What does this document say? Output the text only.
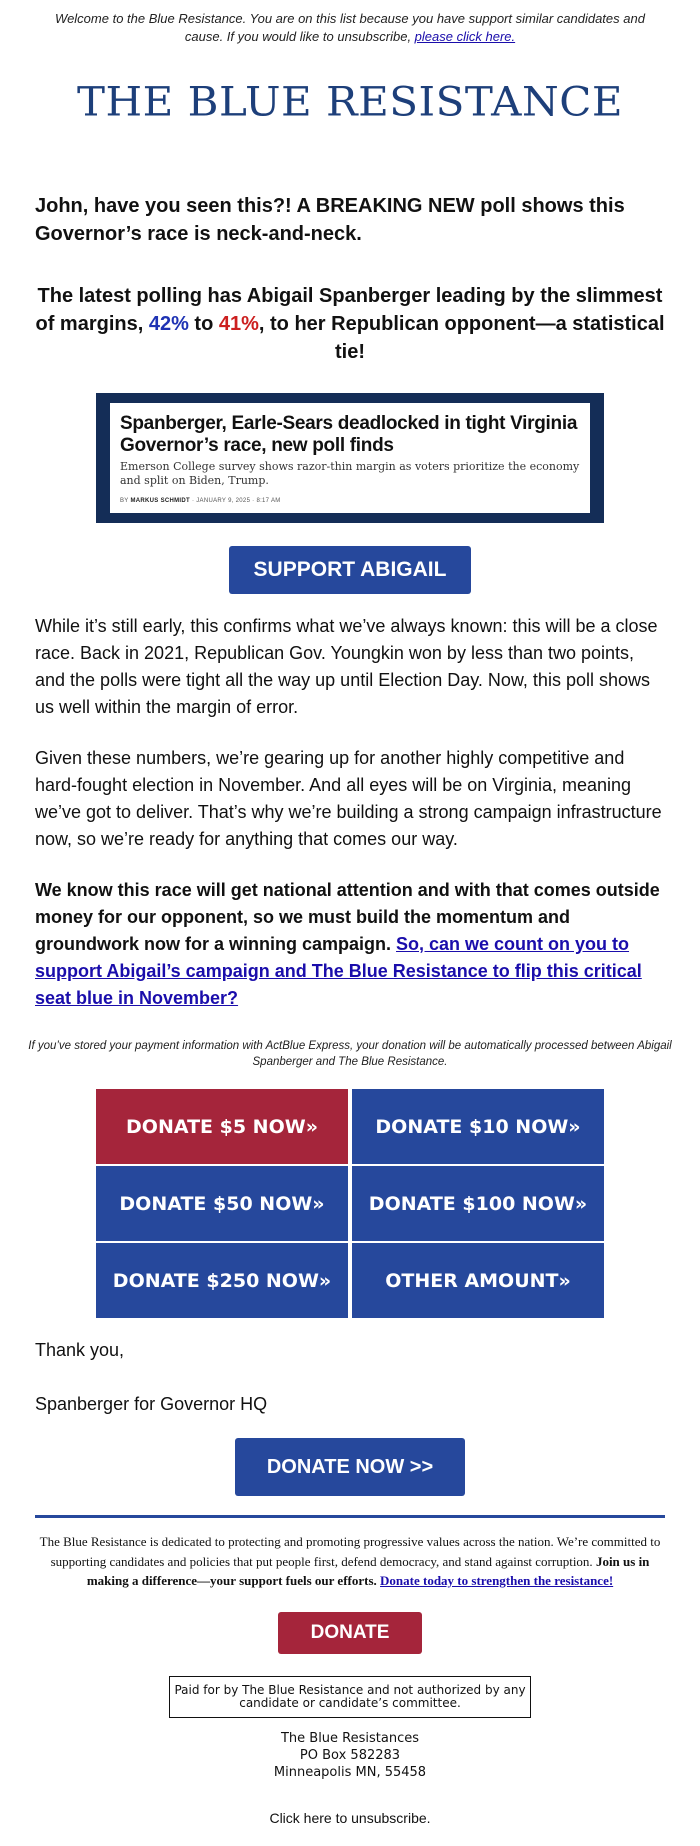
Welcome to the Blue Resistance. You are on this list because you have support similar candidates and cause. If you would like to unsubscribe, please click here.
THE BLUE RESISTANCE

John, have you seen this?! A BREAKING NEW poll shows this Governor’s race is neck-and-neck.

The latest polling has Abigail Spanberger leading by the slimmest of margins, 42% to 41%, to her Republican opponent—a statistical tie!

Spanberger, Earle-Sears deadlocked in tight Virginia Governor’s race, new poll finds
Emerson College survey shows razor-thin margin as voters prioritize the economy and split on Biden, Trump.
BY MARKUS SCHMIDT · JANUARY 9, 2025 · 8:17 AM
SUPPORT ABIGAIL

While it’s still early, this confirms what we’ve always known: this will be a close race. Back in 2021, Republican Gov. Youngkin won by less than two points, and the polls were tight all the way up until Election Day. Now, this poll shows us well within the margin of error.

Given these numbers, we’re gearing up for another highly competitive and hard-fought election in November. And all eyes will be on Virginia, meaning we’ve got to deliver. That’s why we’re building a strong campaign infrastructure now, so we’re ready for anything that comes our way.

We know this race will get national attention and with that comes outside money for our opponent, so we must build the momentum and groundwork now for a winning campaign. So, can we count on you to support Abigail’s campaign and The Blue Resistance to flip this critical seat blue in November?

If you’ve stored your payment information with ActBlue Express, your donation will be automatically processed between Abigail Spanberger and The Blue Resistance.

DONATE $5 NOW»	DONATE $10 NOW»
DONATE $50 NOW»	DONATE $100 NOW»
DONATE $250 NOW»	OTHER AMOUNT»

Thank you,

Spanberger for Governor HQ

DONATE NOW >>

The Blue Resistance is dedicated to protecting and promoting progressive values across the nation. We’re committed to supporting candidates and policies that put people first, defend democracy, and stand against corruption. Join us in making a difference—your support fuels our efforts. Donate today to strengthen the resistance!

DONATE
Paid for by The Blue Resistance and not authorized by any candidate or candidate’s committee.
The Blue Resistances
PO Box 582283
Minneapolis MN, 55458

Click here to unsubscribe.
